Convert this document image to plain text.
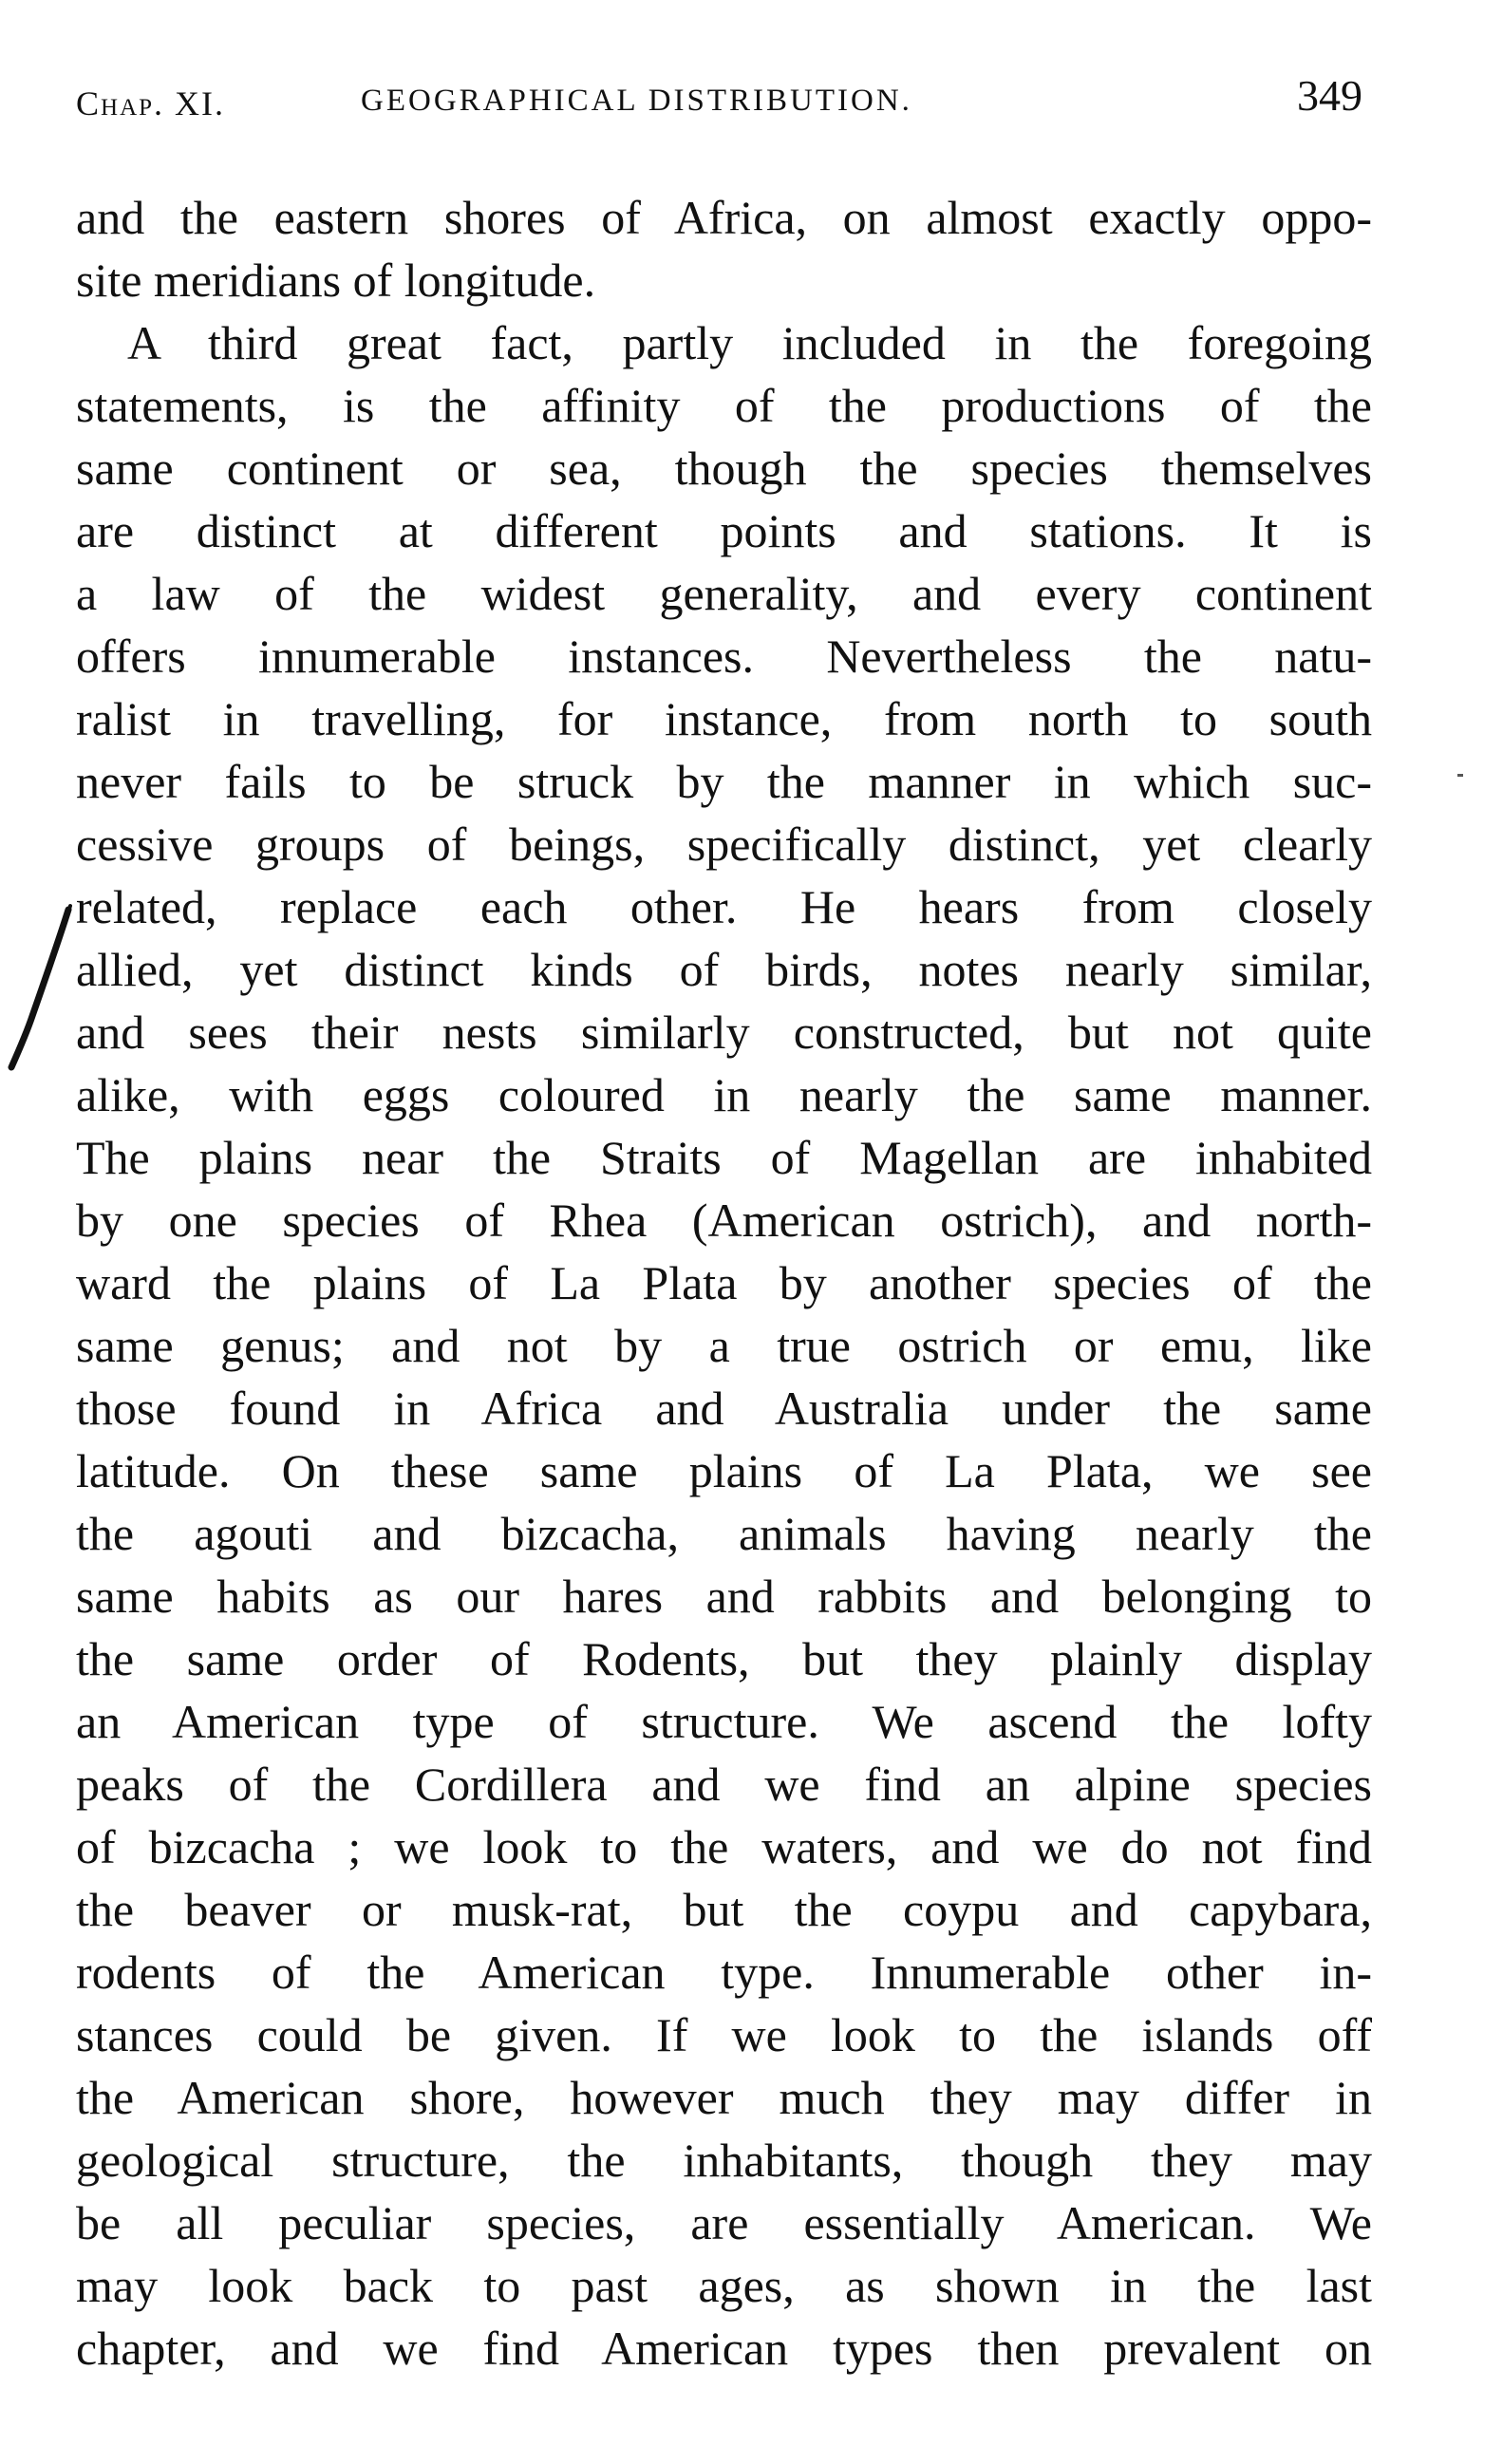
Chap. XI.	GEOGRAPHICAL DISTRIBUTION.	349
and the eastern shores of Africa, on almost exactly oppo-
site meridians of longitude.
A third great fact, partly included in the foregoing
statements, is the affinity of the productions of the
same continent or sea, though the species themselves
are distinct at different points and stations. It is
a law of the widest generality, and every continent
offers innumerable instances. Nevertheless the natu-
ralist in travelling, for instance, from north to south
never fails to be struck by the manner in which suc-
cessive groups of beings, specifically distinct, yet clearly
related, replace each other. He hears from closely
allied, yet distinct kinds of birds, notes nearly similar,
and sees their nests similarly constructed, but not quite
alike, with eggs coloured in nearly the same manner.
The plains near the Straits of Magellan are inhabited
by one species of Rhea (American ostrich), and north-
ward the plains of La Plata by another species of the
same genus; and not by a true ostrich or emu, like
those found in Africa and Australia under the same
latitude. On these same plains of La Plata, we see
the agouti and bizcacha, animals having nearly the
same habits as our hares and rabbits and belonging to
the same order of Rodents, but they plainly display
an American type of structure. We ascend the lofty
peaks of the Cordillera and we find an alpine species
of bizcacha ; we look to the waters, and we do not find
the beaver or musk-rat, but the coypu and capybara,
rodents of the American type. Innumerable other in-
stances could be given. If we look to the islands off
the American shore, however much they may differ in
geological structure, the inhabitants, though they may
be all peculiar species, are essentially American. We
may look back to past ages, as shown in the last
chapter, and we find American types then prevalent on
